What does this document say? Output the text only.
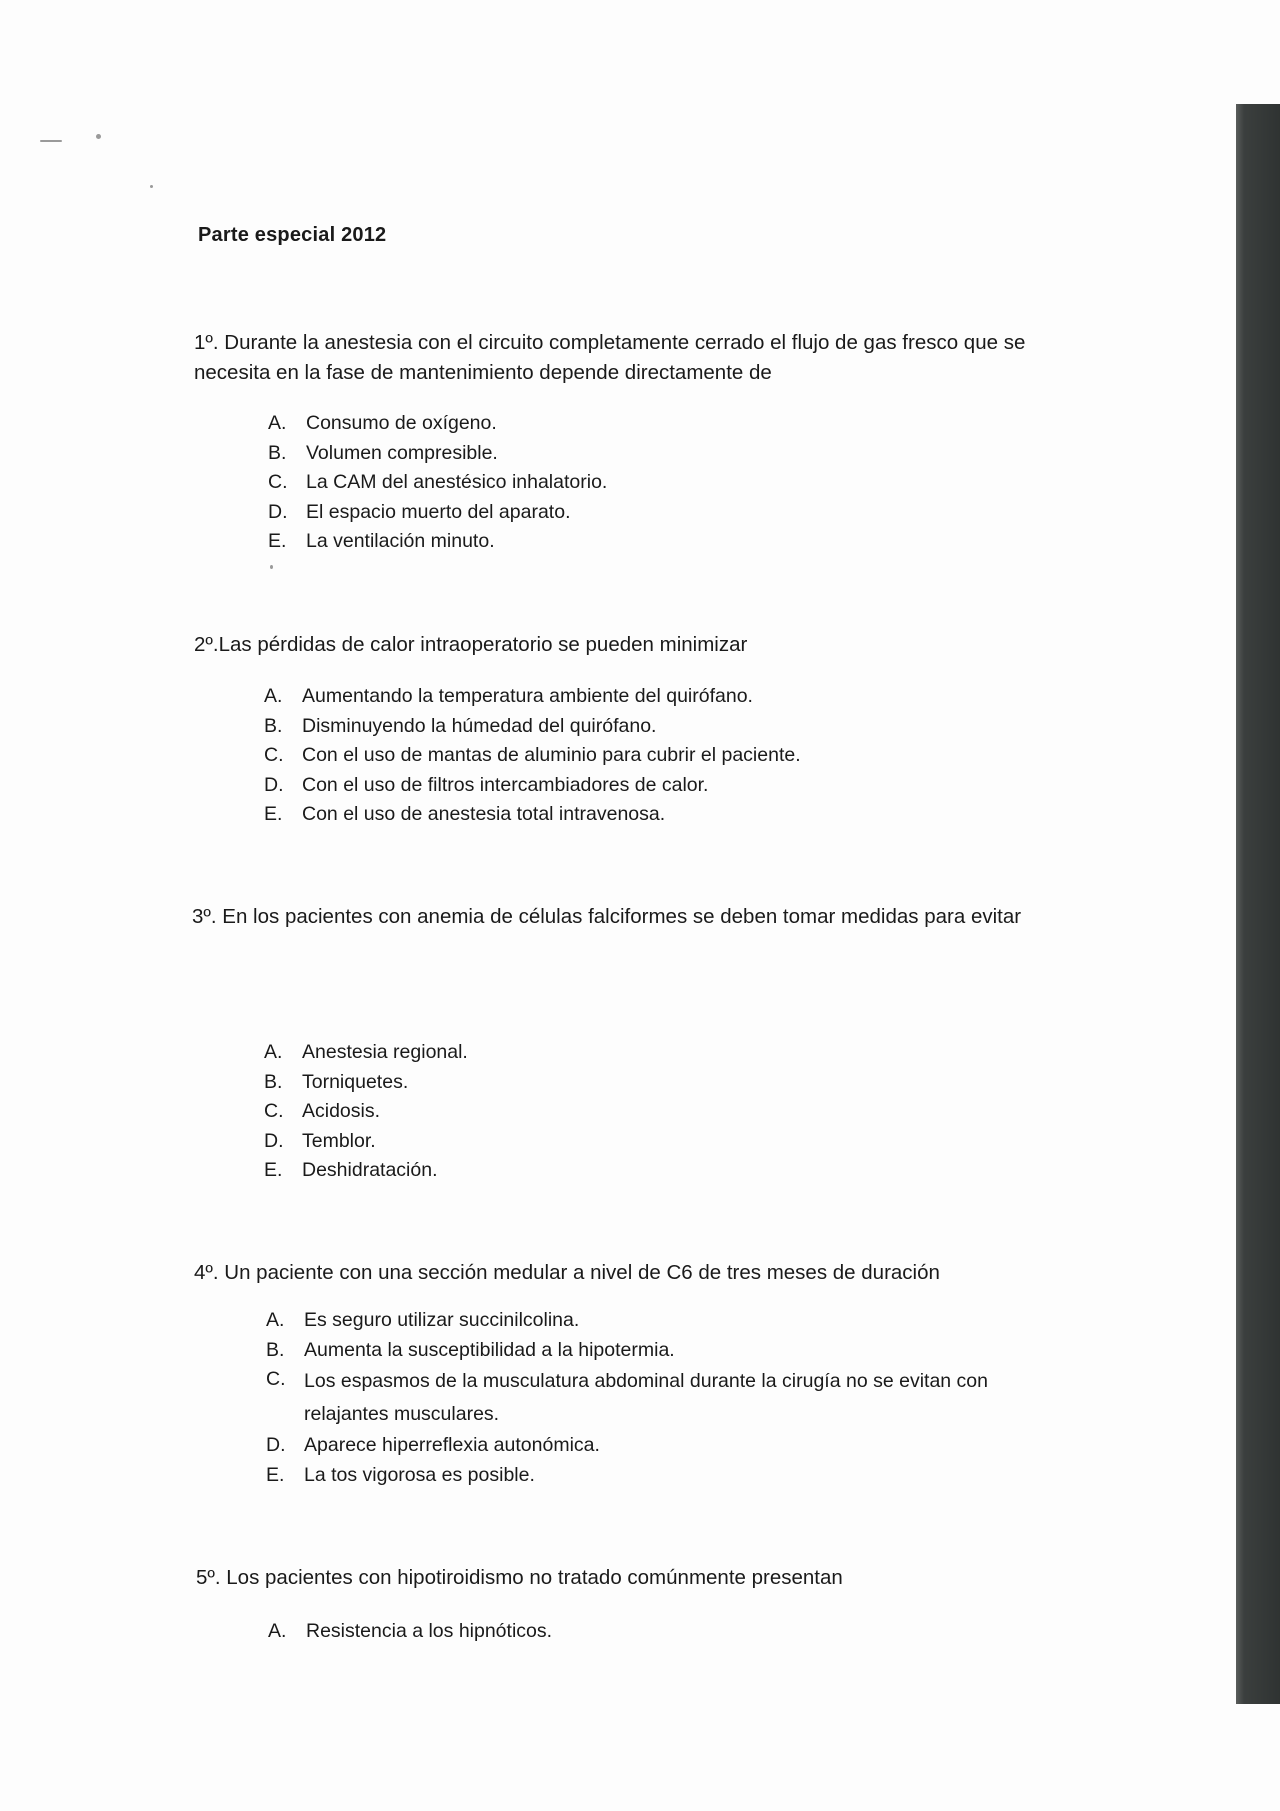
Parte especial 2012
1º. Durante la anestesia con el circuito completamente cerrado el flujo de gas fresco que se necesita en la fase de mantenimiento depende directamente de
A.	Consumo de oxígeno.
B.	Volumen compresible.
C. La CAM del anestésico inhalatorio.
D. El espacio muerto del aparato.
E.	La ventilación minuto.
2º.Las pérdidas de calor intraoperatorio se pueden minimizar
A.	Aumentando la temperatura ambiente del quirófano.
B.	Disminuyendo la húmedad del quirófano.
C. Con el uso de mantas de aluminio para cubrir el paciente.
D. Con el uso de filtros intercambiadores de calor.
E.	Con el uso de anestesia total intravenosa.
3º. En los pacientes con anemia de células falciformes se deben tomar medidas para evitar
A.	Anestesia regional.
B.	Torniquetes.
C. Acidosis.
D. Temblor.
E.	Deshidratación.
4º. Un paciente con una sección medular a nivel de C6 de tres meses de duración
A.	Es seguro utilizar succinilcolina.
B.	Aumenta la susceptibilidad a la hipotermia.
C. Los espasmos de la musculatura abdominal durante la cirugía no se evitan con relajantes musculares.
D. Aparece hiperreflexia autonómica.
E.	La tos vigorosa es posible.
5º. Los pacientes con hipotiroidismo no tratado comúnmente presentan
A.	Resistencia a los hipnóticos.
